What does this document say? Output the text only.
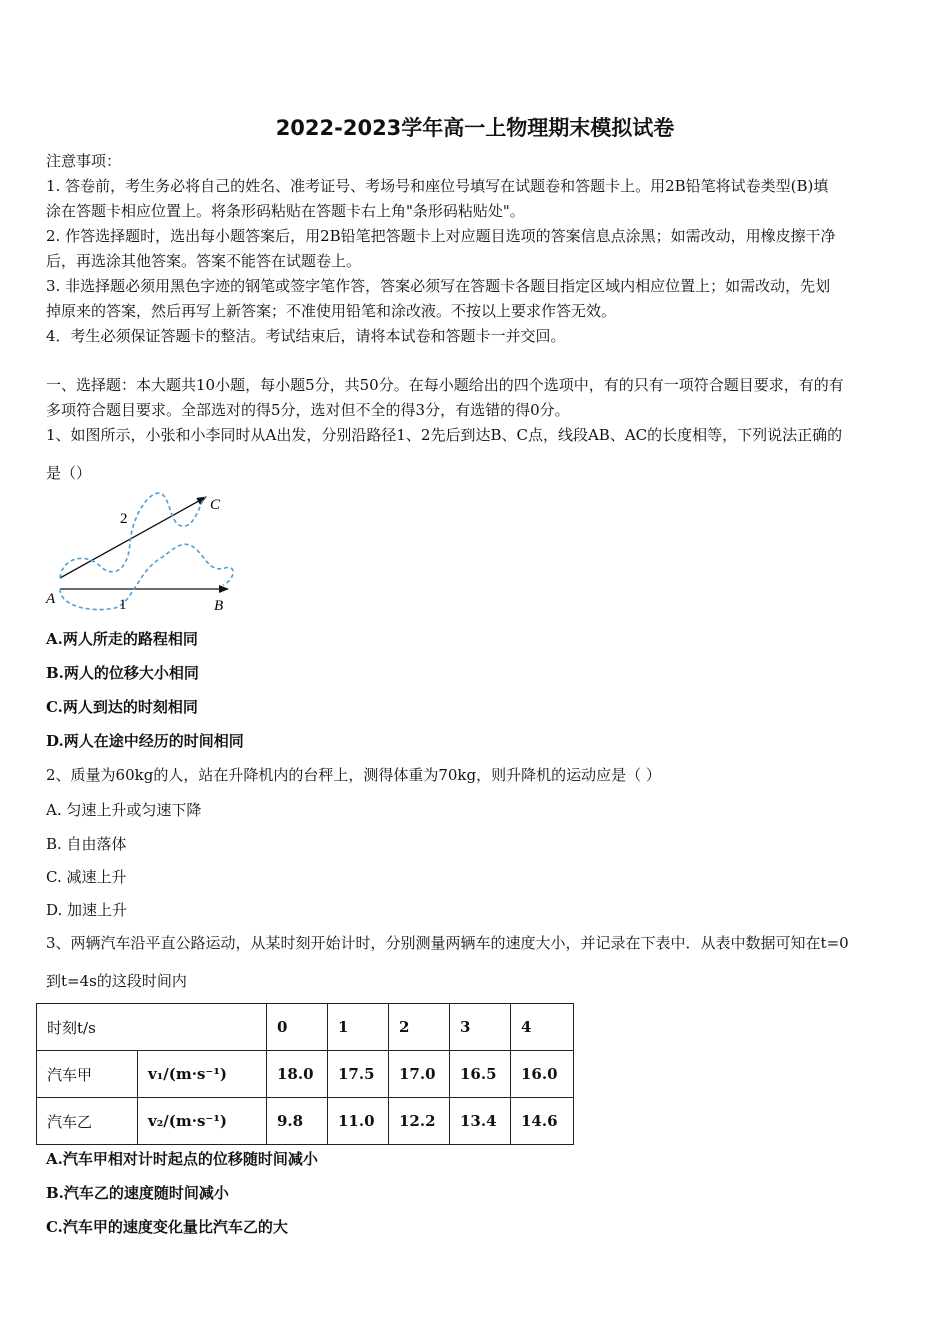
2022-2023学年高一上物理期末模拟试卷
注意事项：
1. 答卷前，考生务必将自己的姓名、准考证号、考场号和座位号填写在试题卷和答题卡上。用2B铅笔将试卷类型(B)填
涂在答题卡相应位置上。将条形码粘贴在答题卡右上角"条形码粘贴处"。
2. 作答选择题时，选出每小题答案后，用2B铅笔把答题卡上对应题目选项的答案信息点涂黑；如需改动，用橡皮擦干净
后，再选涂其他答案。答案不能答在试题卷上。
3. 非选择题必须用黑色字迹的钢笔或签字笔作答，答案必须写在答题卡各题目指定区域内相应位置上；如需改动，先划
掉原来的答案，然后再写上新答案；不准使用铅笔和涂改液。不按以上要求作答无效。
4．考生必须保证答题卡的整洁。考试结束后，请将本试卷和答题卡一并交回。
一、选择题：本大题共10小题，每小题5分，共50分。在每小题给出的四个选项中，有的只有一项符合题目要求，有的有
多项符合题目要求。全部选对的得5分，选对但不全的得3分，有选错的得0分。
1、如图所示，小张和小李同时从A出发，分别沿路径1、2先后到达B、C点，线段AB、AC的长度相等，下列说法正确的
是（）
A	B
C
1
2
A.两人所走的路程相同
B.两人的位移大小相同
C.两人到达的时刻相同
D.两人在途中经历的时间相同
2、质量为60kg的人，站在升降机内的台秤上，测得体重为70kg，则升降机的运动应是（ ）
A. 匀速上升或匀速下降
B. 自由落体
C. 减速上升
D. 加速上升
3、两辆汽车沿平直公路运动，从某时刻开始计时，分别测量两辆车的速度大小，并记录在下表中．从表中数据可知在t=0
到t=4s的这段时间内
时刻t/s		0	1	2	3	4
汽车甲	v₁/(m·s⁻¹)	18.0	17.5	17.0	16.5	16.0
汽车乙	v₂/(m·s⁻¹)	9.8	11.0	12.2	13.4	14.6
A.汽车甲相对计时起点的位移随时间减小
B.汽车乙的速度随时间减小
C.汽车甲的速度变化量比汽车乙的大
